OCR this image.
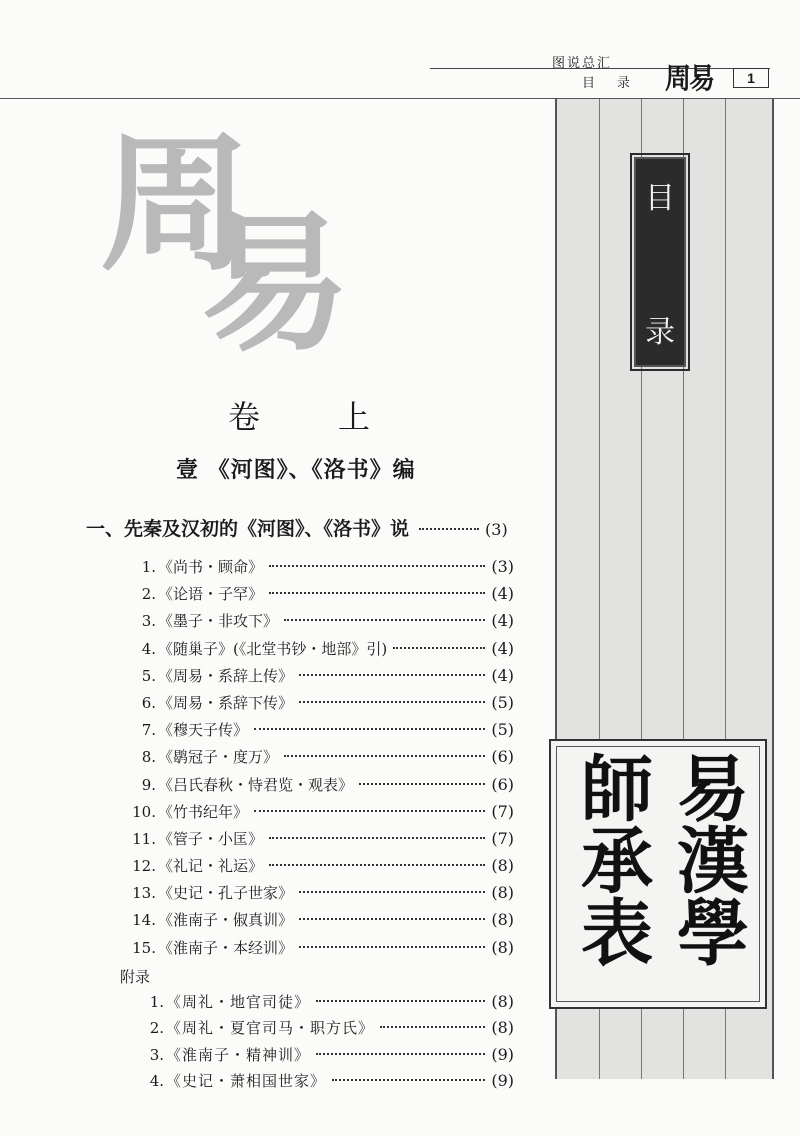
图说总汇
目录 周易	1
周
易	目
录
易漢學
師承表
卷上
壹 《河图》、《洛书》编
一、先秦及汉初的《河图》、《洛书》说	(3)
1. 《尚书・顾命》	(3)
2. 《论语・子罕》	(4)
3. 《墨子・非攻下》	(4)
4. 《随巢子》(《北堂书钞・地部》引)	(4)
5. 《周易・系辞上传》	(4)
6. 《周易・系辞下传》	(5)
7. 《穆天子传》	(5)
8. 《鹖冠子・度万》	(6)
9. 《吕氏春秋・恃君览・观表》	(6)
10. 《竹书纪年》	(7)
11. 《管子・小匡》	(7)
12. 《礼记・礼运》	(8)
13. 《史记・孔子世家》	(8)
14. 《淮南子・俶真训》	(8)
15. 《淮南子・本经训》	(8)
附录
1. 《周礼・地官司徒》	(8)
2. 《周礼・夏官司马・职方氏》	(8)
3. 《淮南子・精神训》	(9)
4. 《史记・萧相国世家》	(9)
